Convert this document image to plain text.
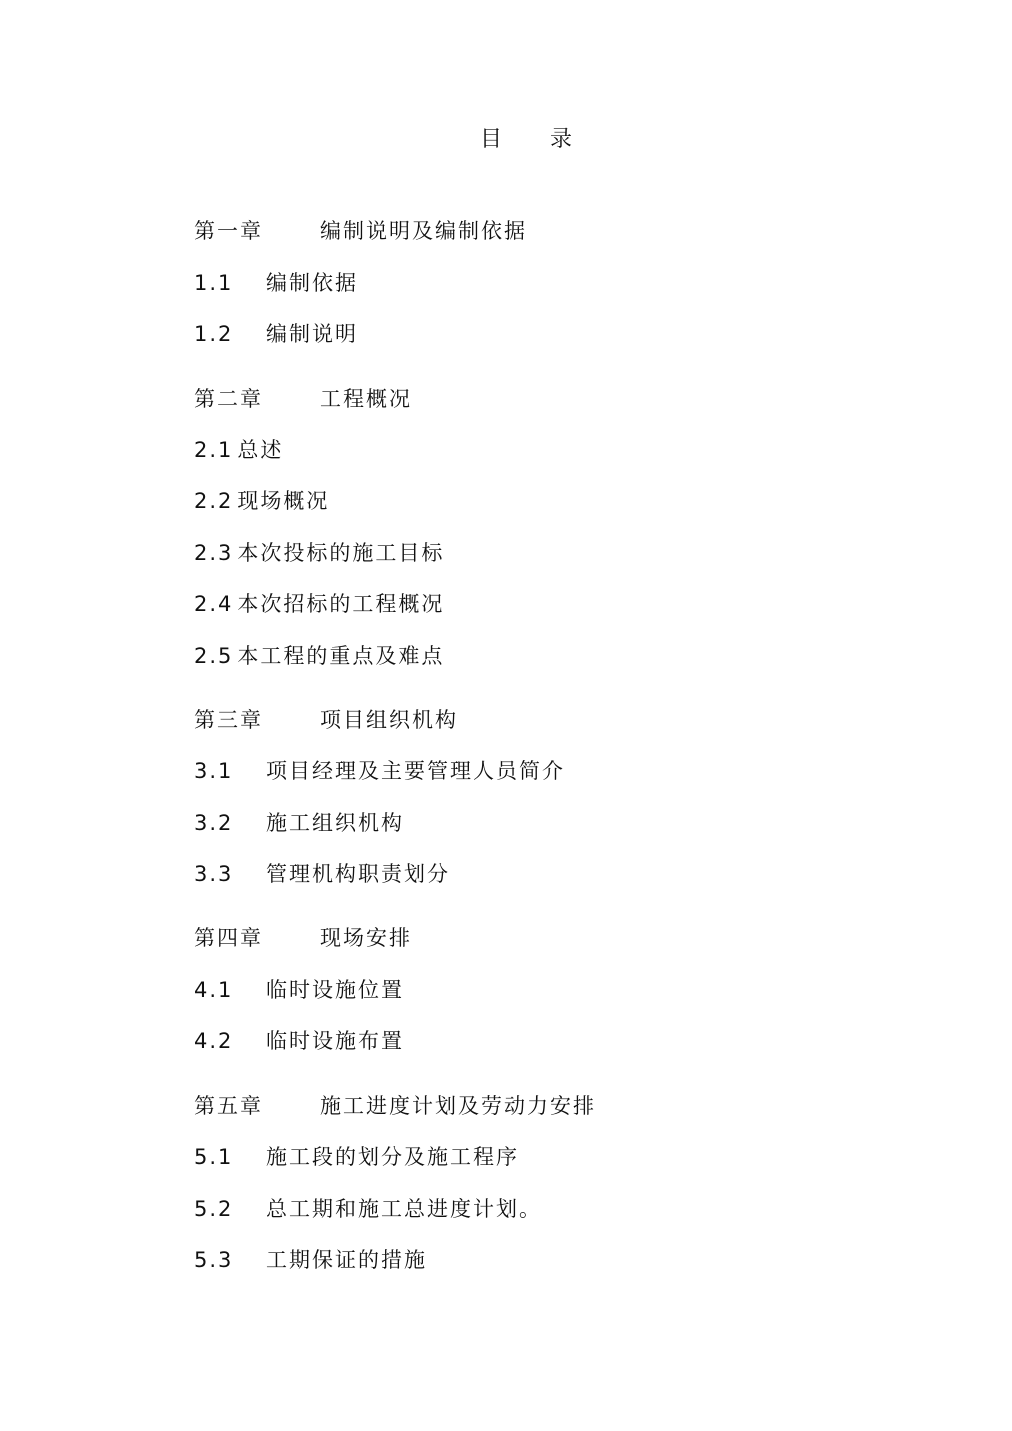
目 录
第一章	编制说明及编制依据
1.1 编制依据
1.2 编制说明
第二章	工程概况
2.1 总述
2.2 现场概况
2.3 本次投标的施工目标
2.4 本次招标的工程概况
2.5 本工程的重点及难点
第三章	项目组织机构
3.1 项目经理及主要管理人员简介
3.2 施工组织机构
3.3 管理机构职责划分
第四章	现场安排
4.1 临时设施位置
4.2 临时设施布置
第五章	施工进度计划及劳动力安排
5.1 施工段的划分及施工程序
5.2 总工期和施工总进度计划。
5.3 工期保证的措施
